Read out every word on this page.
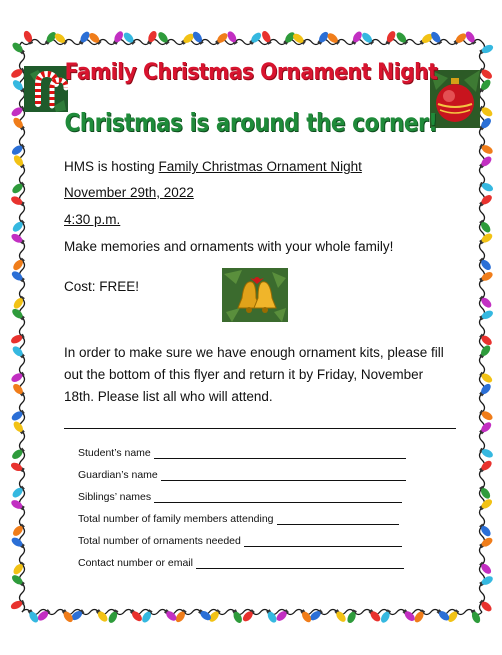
Family Christmas Ornament Night
Christmas is around the corner!
HMS is hosting Family Christmas Ornament Night
November 29th, 2022
4:30 p.m.
Make memories and ornaments with your whole family!
Cost: FREE!
In order to make sure we have enough ornament kits, please fill
out the bottom of this flyer and return it by Friday, November
18th. Please list all who will attend.
Student’s name
Guardian’s name
Siblings’ names
Total number of family members attending
Total number of ornaments needed
Contact number or email
